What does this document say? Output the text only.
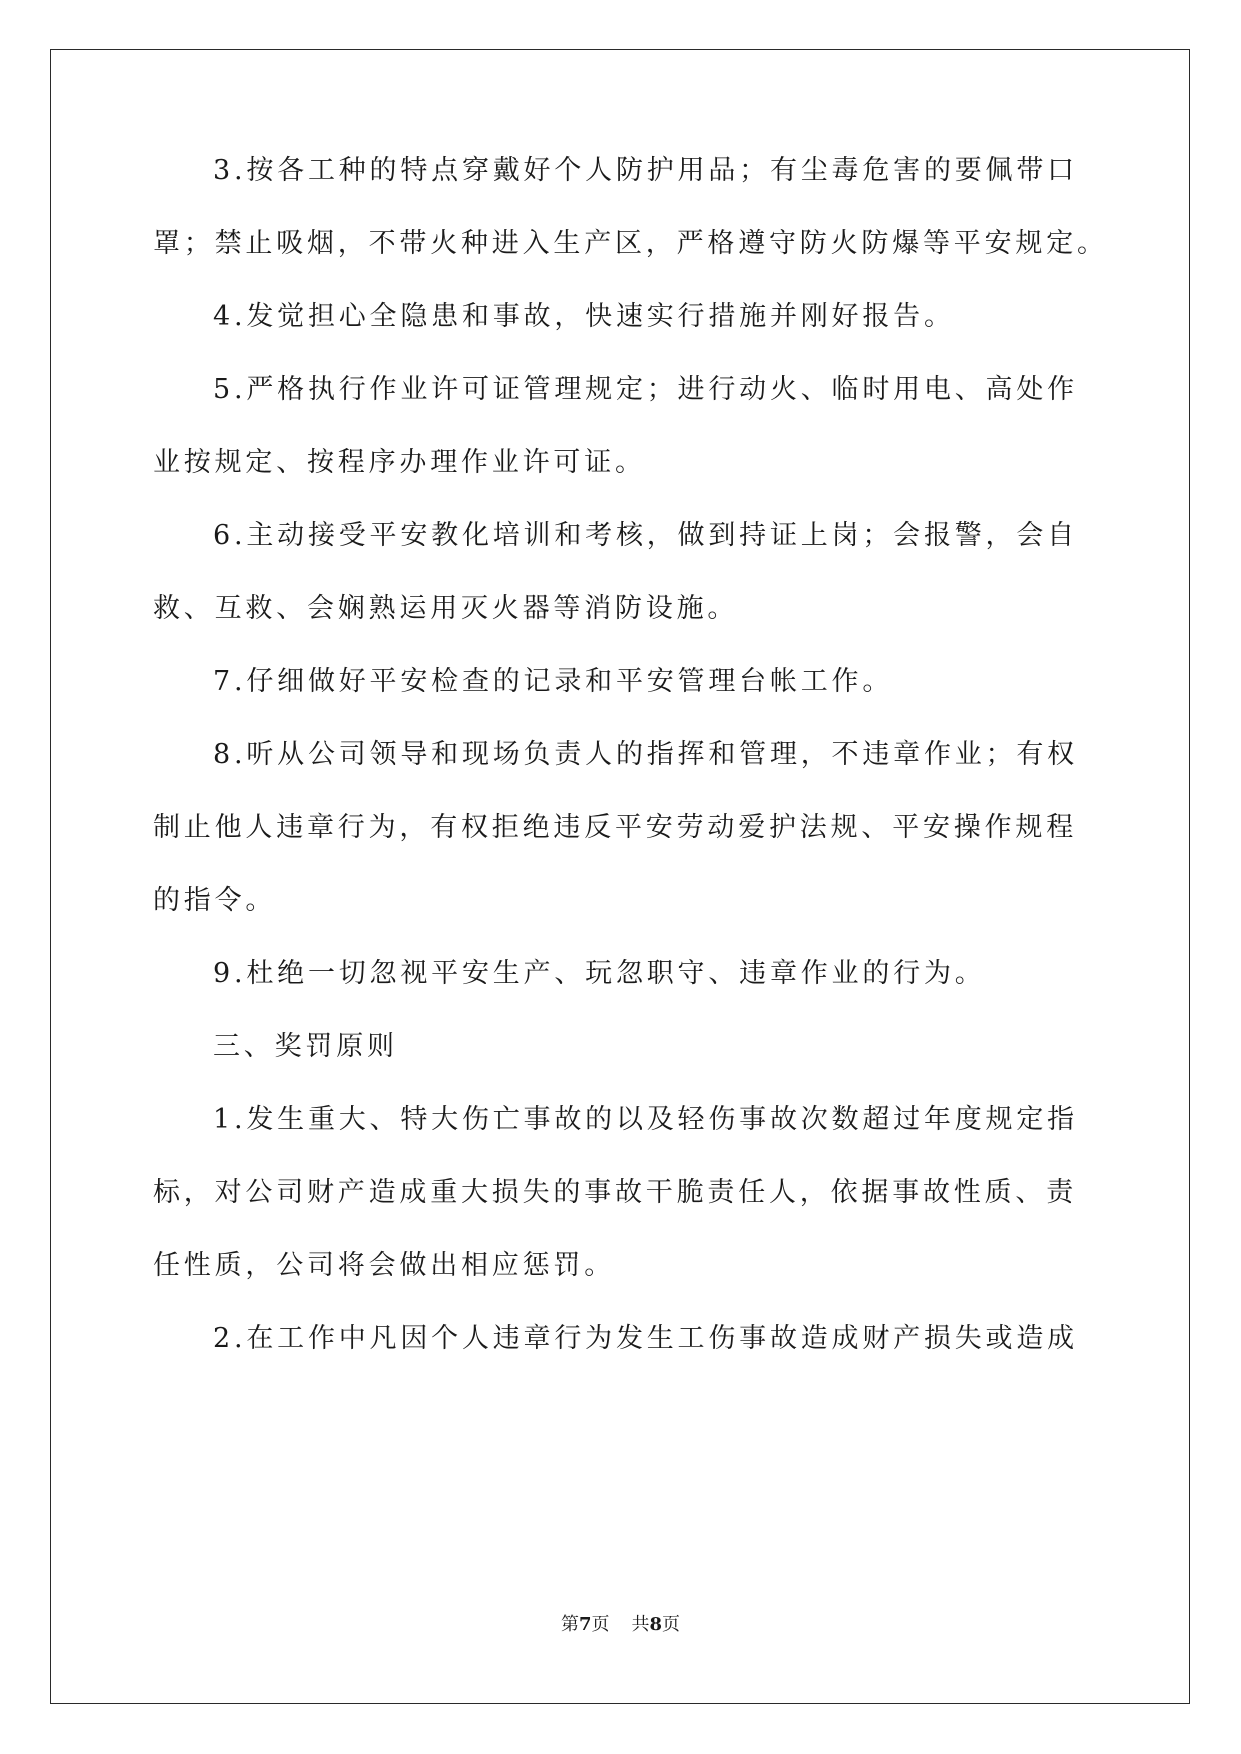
3.按各工种的特点穿戴好个人防护用品；有尘毒危害的要佩带口
罩；禁止吸烟，不带火种进入生产区，严格遵守防火防爆等平安规定。
4.发觉担心全隐患和事故，快速实行措施并刚好报告。
5.严格执行作业许可证管理规定；进行动火、临时用电、高处作
业按规定、按程序办理作业许可证。
6.主动接受平安教化培训和考核，做到持证上岗；会报警，会自
救、互救、会娴熟运用灭火器等消防设施。
7.仔细做好平安检查的记录和平安管理台帐工作。
8.听从公司领导和现场负责人的指挥和管理，不违章作业；有权
制止他人违章行为，有权拒绝违反平安劳动爱护法规、平安操作规程
的指令。
9.杜绝一切忽视平安生产、玩忽职守、违章作业的行为。
三、奖罚原则
1.发生重大、特大伤亡事故的以及轻伤事故次数超过年度规定指
标，对公司财产造成重大损失的事故干脆责任人，依据事故性质、责
任性质，公司将会做出相应惩罚。
2.在工作中凡因个人违章行为发生工伤事故造成财产损失或造成
第7页 共8页
